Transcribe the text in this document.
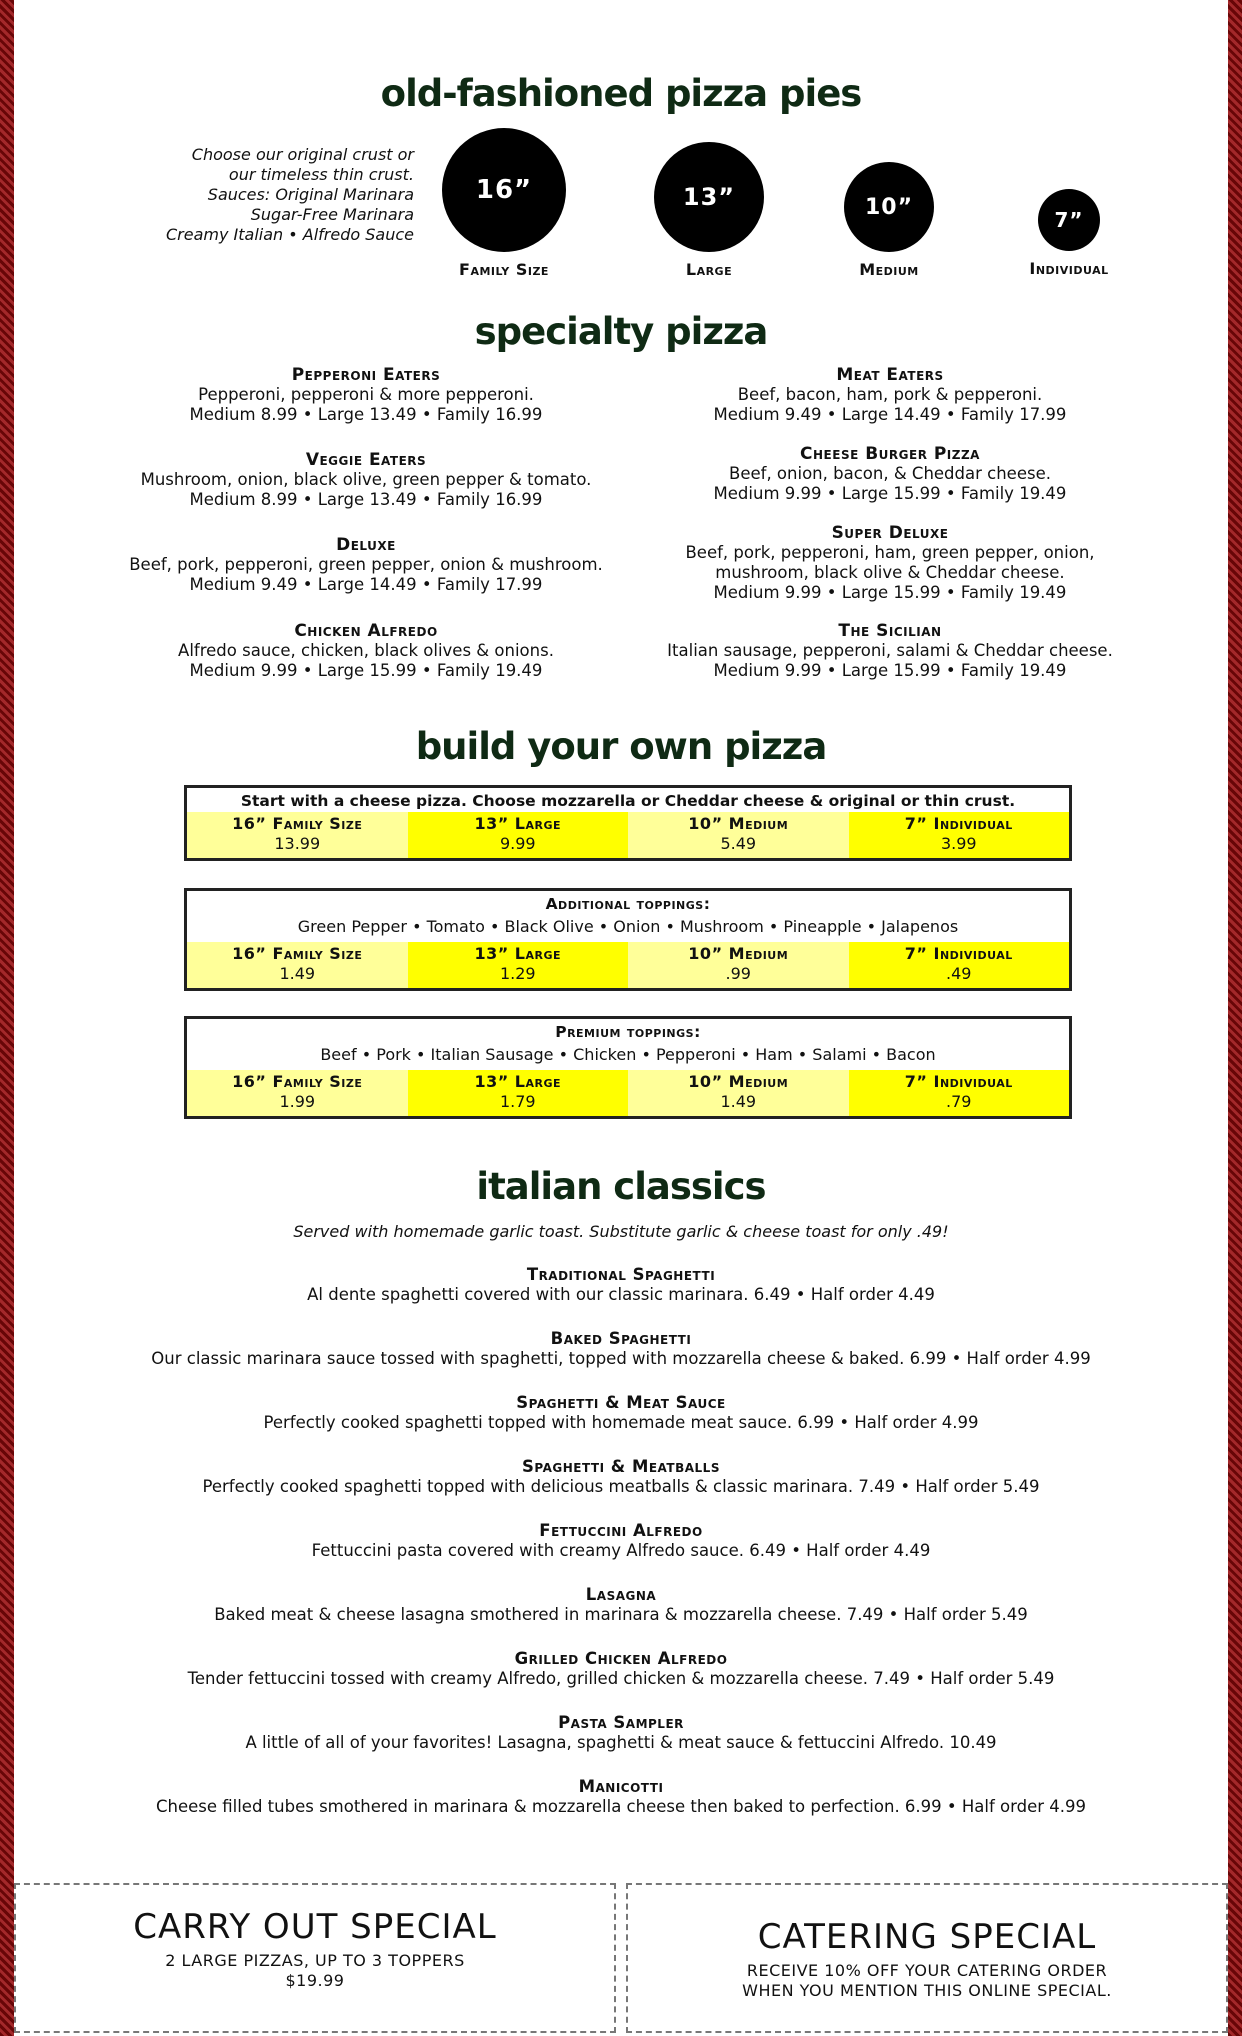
old-fashioned pizza pies
Choose our original crust or
our timeless thin crust.
Sauces: Original Marinara
Sugar-Free Marinara
Creamy Italian • Alfredo Sauce
16”
Family Size
13”
Large
10”
Medium
7”
Individual
specialty pizza
Pepperoni Eaters
Pepperoni, pepperoni & more pepperoni.
Medium 8.99 • Large 13.49 • Family 16.99
Veggie Eaters
Mushroom, onion, black olive, green pepper & tomato.
Medium 8.99 • Large 13.49 • Family 16.99
Deluxe
Beef, pork, pepperoni, green pepper, onion & mushroom.
Medium 9.49 • Large 14.49 • Family 17.99
Chicken Alfredo
Alfredo sauce, chicken, black olives & onions.
Medium 9.99 • Large 15.99 • Family 19.49
Meat Eaters
Beef, bacon, ham, pork & pepperoni.
Medium 9.49 • Large 14.49 • Family 17.99
Cheese Burger Pizza
Beef, onion, bacon, & Cheddar cheese.
Medium 9.99 • Large 15.99 • Family 19.49
Super Deluxe
Beef, pork, pepperoni, ham, green pepper, onion,
mushroom, black olive & Cheddar cheese.
Medium 9.99 • Large 15.99 • Family 19.49
The Sicilian
Italian sausage, pepperoni, salami & Cheddar cheese.
Medium 9.99 • Large 15.99 • Family 19.49
build your own pizza
Start with a cheese pizza. Choose mozzarella or Cheddar cheese & original or thin crust.
16” Family Size
13.99
13” Large
9.99
10” Medium
5.49
7” Individual
3.99
Additional toppings:
Green Pepper • Tomato • Black Olive • Onion • Mushroom • Pineapple • Jalapenos
16” Family Size
1.49
13” Large
1.29
10” Medium
.99
7” Individual
.49
Premium toppings:
Beef • Pork • Italian Sausage • Chicken • Pepperoni • Ham • Salami • Bacon
16” Family Size
1.99
13” Large
1.79
10” Medium
1.49
7” Individual
.79
italian classics
Served with homemade garlic toast. Substitute garlic & cheese toast for only .49!
Traditional Spaghetti
Al dente spaghetti covered with our classic marinara. 6.49 • Half order 4.49
Baked Spaghetti
Our classic marinara sauce tossed with spaghetti, topped with mozzarella cheese & baked. 6.99 • Half order 4.99
Spaghetti & Meat Sauce
Perfectly cooked spaghetti topped with homemade meat sauce. 6.99 • Half order 4.99
Spaghetti & Meatballs
Perfectly cooked spaghetti topped with delicious meatballs & classic marinara. 7.49 • Half order 5.49
Fettuccini Alfredo
Fettuccini pasta covered with creamy Alfredo sauce. 6.49 • Half order 4.49
Lasagna
Baked meat & cheese lasagna smothered in marinara & mozzarella cheese. 7.49 • Half order 5.49
Grilled Chicken Alfredo
Tender fettuccini tossed with creamy Alfredo, grilled chicken & mozzarella cheese. 7.49 • Half order 5.49
Pasta Sampler
A little of all of your favorites! Lasagna, spaghetti & meat sauce & fettuccini Alfredo. 10.49
Manicotti
Cheese filled tubes smothered in marinara & mozzarella cheese then baked to perfection. 6.99 • Half order 4.99
CARRY OUT SPECIAL
2 LARGE PIZZAS, UP TO 3 TOPPERS
$19.99
CATERING SPECIAL
RECEIVE 10% OFF YOUR CATERING ORDER
WHEN YOU MENTION THIS ONLINE SPECIAL.
